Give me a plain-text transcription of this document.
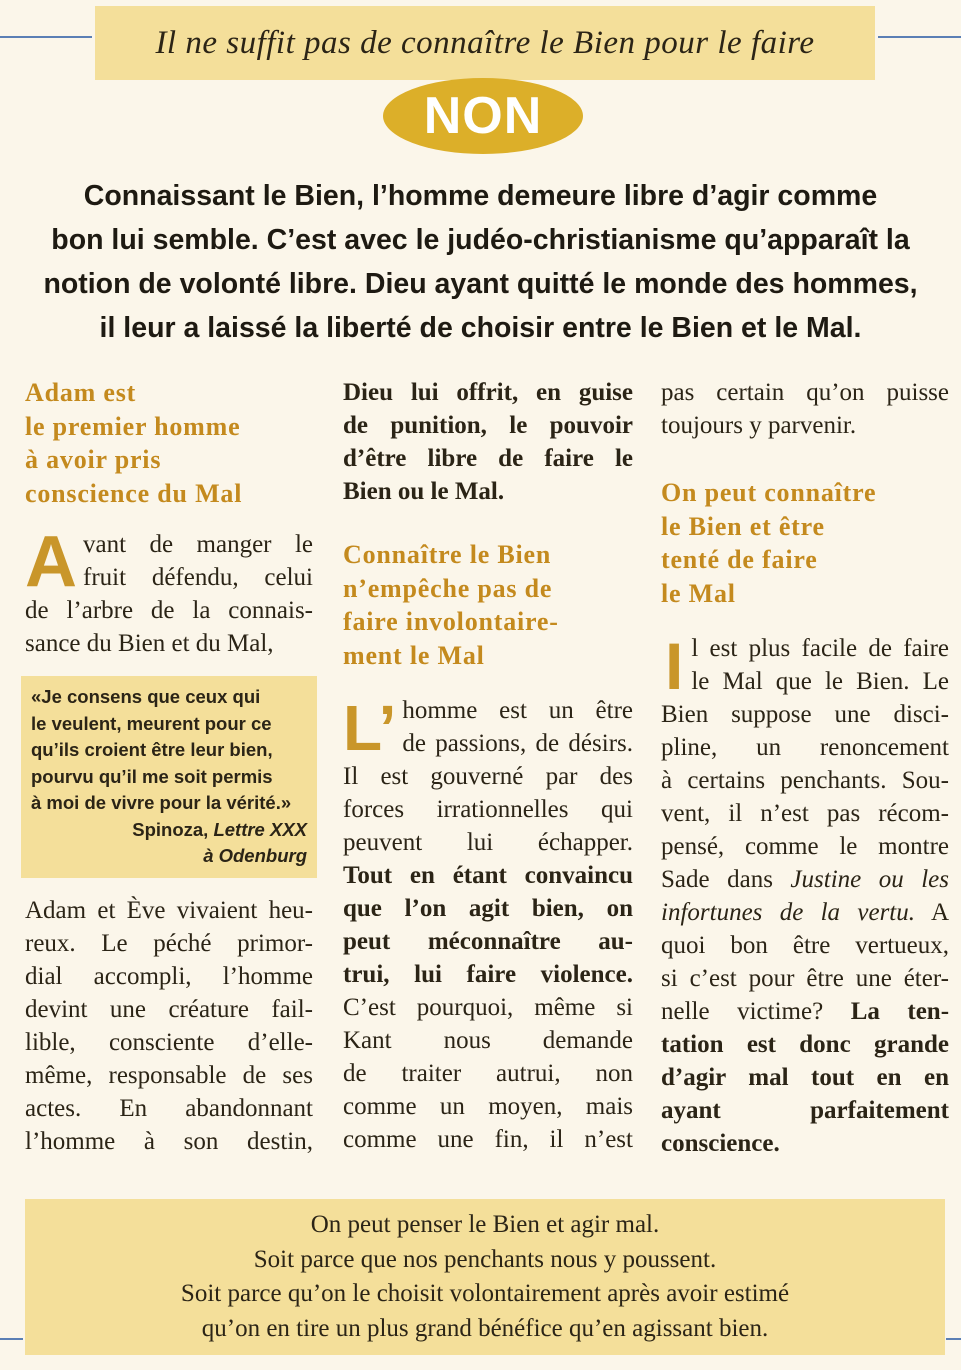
Il ne suffit pas de connaître le Bien pour le faire
NON
Connaissant le Bien, l’homme demeure libre d’agir comme
bon lui semble. C’est avec le judéo-christianisme qu’apparaît la
notion de volonté libre. Dieu ayant quitté le monde des hommes,
il leur a laissé la liberté de choisir entre le Bien et le Mal.
Adam est
le premier homme
à avoir pris
conscience du Mal
A vant de manger le
fruit défendu, celui
de l’arbre de la connais-
sance du Bien et du Mal,
«Je consens que ceux qui
le veulent, meurent pour ce
qu’ils croient être leur bien,
pourvu qu’il me soit permis
à moi de vivre pour la vérité.»
Spinoza, Lettre XXX
à Odenburg
Adam et Ève vivaient heu-
reux. Le péché primor-
dial accompli, l’homme
devint une créature fail-
lible, consciente d’elle-
même, responsable de ses
actes. En abandonnant
l’homme à son destin,
Dieu lui offrit, en guise
de punition, le pouvoir
d’être libre de faire le
Bien ou le Mal.
Connaître le Bien
n’empêche pas de
faire involontaire-
ment le Mal
L’ homme est un être
de passions, de désirs.
Il est gouverné par des
forces irrationnelles qui
peuvent lui échapper.
Tout en étant convaincu
que l’on agit bien, on
peut méconnaître au-
trui, lui faire violence.
C’est pourquoi, même si
Kant nous demande
de traiter autrui, non
comme un moyen, mais
comme une fin, il n’est
pas certain qu’on puisse
toujours y parvenir.
On peut connaître
le Bien et être
tenté de faire
le Mal
I l est plus facile de faire
le Mal que le Bien. Le
Bien suppose une disci-
pline, un renoncement
à certains penchants. Sou-
vent, il n’est pas récom-
pensé, comme le montre
Sade dans Justine ou les
infortunes de la vertu. A
quoi bon être vertueux,
si c’est pour être une éter-
nelle victime? La ten-
tation est donc grande
d’agir mal tout en en
ayant parfaitement
conscience.
On peut penser le Bien et agir mal.
Soit parce que nos penchants nous y poussent.
Soit parce qu’on le choisit volontairement après avoir estimé
qu’on en tire un plus grand bénéfice qu’en agissant bien.
